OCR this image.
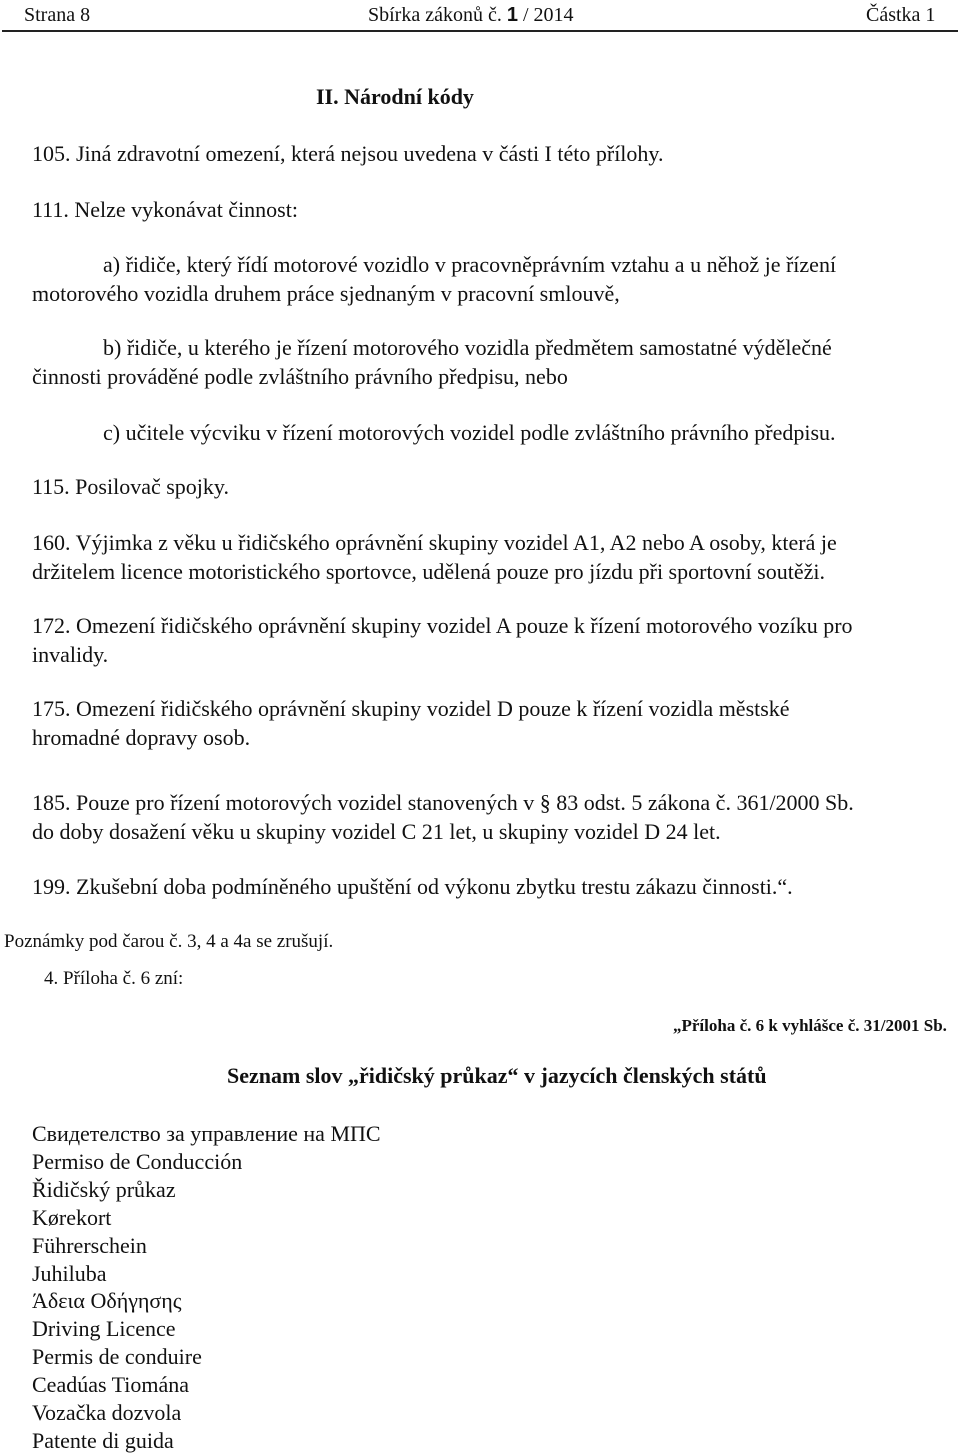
Strana 8	Sbírka zákonů č. 1 / 2014	Částka 1
II. Národní kódy
105. Jiná zdravotní omezení, která nejsou uvedena v části I této přílohy.
111. Nelze vykonávat činnost:
a) řidiče, který řídí motorové vozidlo v pracovněprávním vztahu a u něhož je řízení
motorového vozidla druhem práce sjednaným v pracovní smlouvě,
b) řidiče, u kterého je řízení motorového vozidla předmětem samostatné výdělečné
činnosti prováděné podle zvláštního právního předpisu, nebo
c) učitele výcviku v řízení motorových vozidel podle zvláštního právního předpisu.
115. Posilovač spojky.
160. Výjimka z věku u řidičského oprávnění skupiny vozidel A1, A2 nebo A osoby, která je
držitelem licence motoristického sportovce, udělená pouze pro jízdu při sportovní soutěži.
172. Omezení řidičského oprávnění skupiny vozidel A pouze k řízení motorového vozíku pro
invalidy.
175. Omezení řidičského oprávnění skupiny vozidel D pouze k řízení vozidla městské
hromadné dopravy osob.
185. Pouze pro řízení motorových vozidel stanovených v § 83 odst. 5 zákona č. 361/2000 Sb.
do doby dosažení věku u skupiny vozidel C 21 let, u skupiny vozidel D 24 let.
199. Zkušební doba podmíněného upuštění od výkonu zbytku trestu zákazu činnosti.“.
Poznámky pod čarou č. 3, 4 a 4a se zrušují.
4. Příloha č. 6 zní:
„Příloha č. 6 k vyhlášce č. 31/2001 Sb.
Seznam slov „řidičský průkaz“ v jazycích členských států
Свидетелство за управление на МПС
Permiso de Conducción
Řidičský průkaz
Kørekort
Führerschein
Juhiluba
Άδεια Οδήγησης
Driving Licence
Permis de conduire
Ceadúas Tiomána
Vozačka dozvola
Patente di guida
